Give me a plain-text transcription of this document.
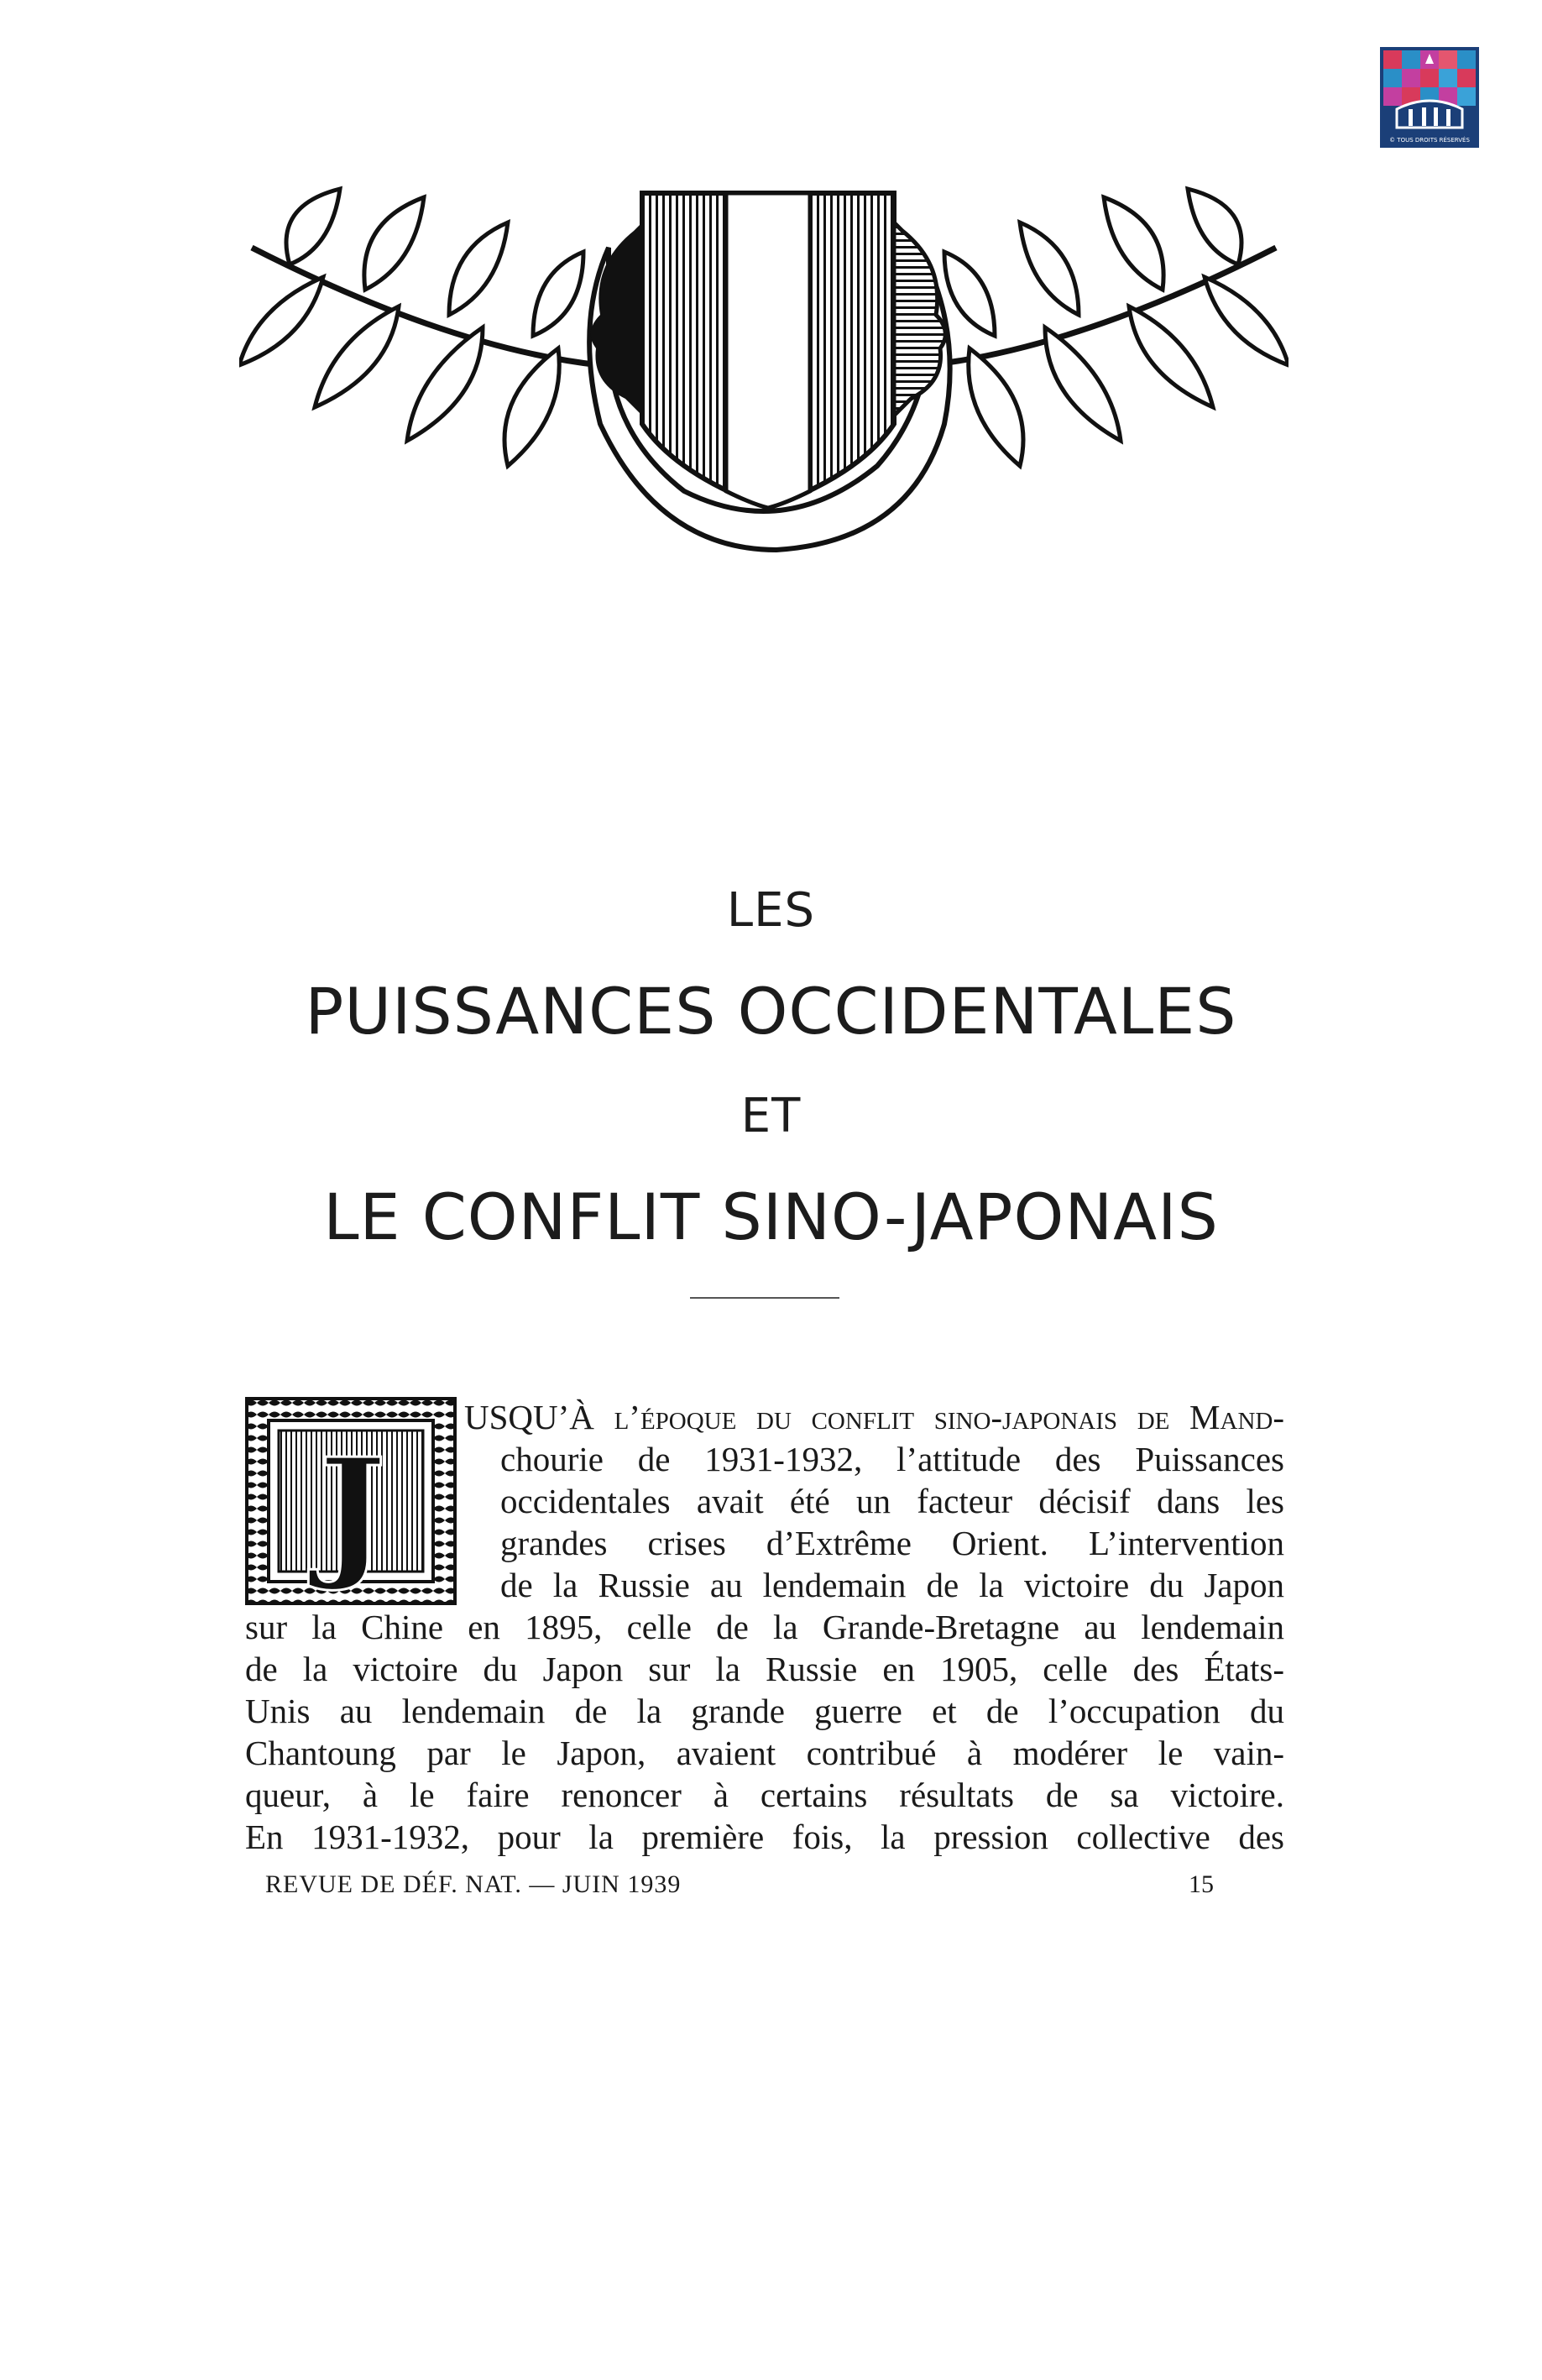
© TOUS DROITS RÉSERVÉS
LES
PUISSANCES OCCIDENTALES
ET
LE CONFLIT SINO-JAPONAIS
J
USQU’À l’époque du conflit sino-japonais de Mand-
chourie de 1931-1932, l’attitude des Puissances
occidentales avait été un facteur décisif dans les
grandes crises d’Extrême Orient. L’intervention
de la Russie au lendemain de la victoire du Japon
sur la Chine en 1895, celle de la Grande-Bretagne au lendemain
de la victoire du Japon sur la Russie en 1905, celle des États-
Unis au lendemain de la grande guerre et de l’occupation du
Chantoung par le Japon, avaient contribué à modérer le vain-
queur, à le faire renoncer à certains résultats de sa victoire.
En 1931-1932, pour la première fois, la pression collective des
REVUE DE DÉF. NAT. — JUIN 1939	15
